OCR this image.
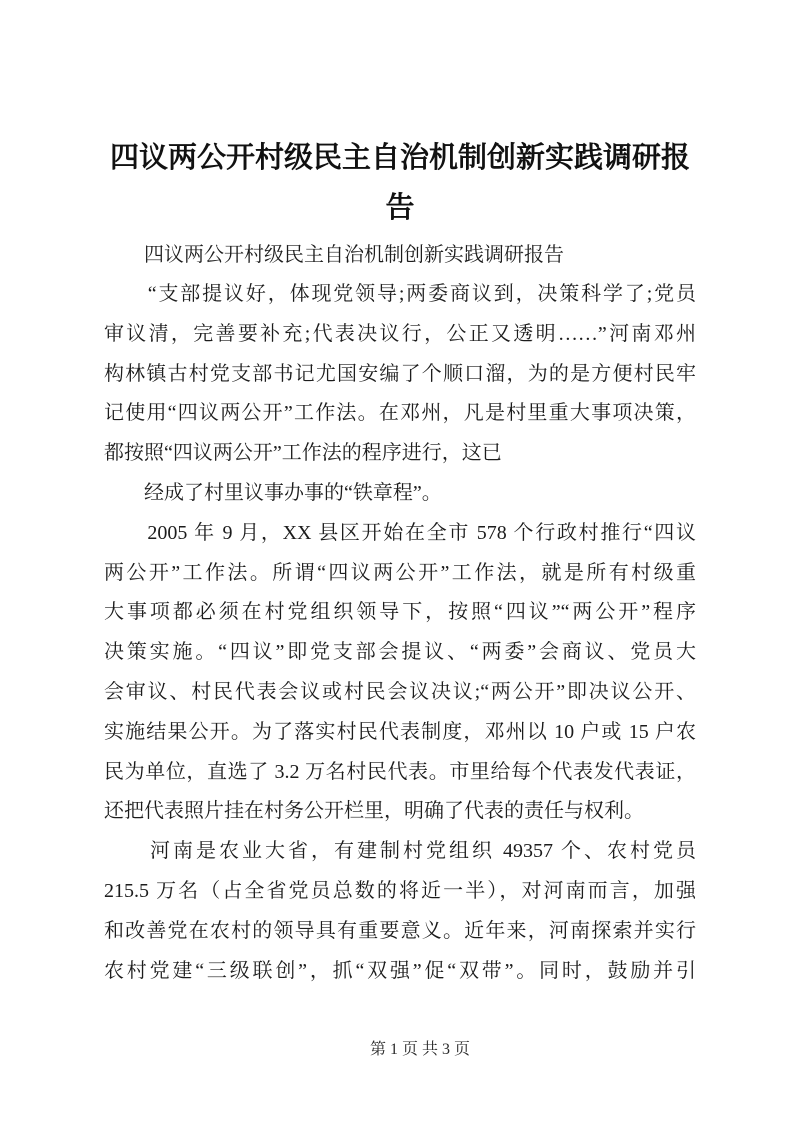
四议两公开村级民主自治机制创新实践调研报告
　　四议两公开村级民主自治机制创新实践调研报告
　　“支部提议好，体现党领导;两委商议到，决策科学了;党员
审议清，完善要补充;代表决议行，公正又透明……”河南邓州
构林镇古村党支部书记尤国安编了个顺口溜，为的是方便村民牢
记使用“四议两公开”工作法。在邓州，凡是村里重大事项决策，
都按照“四议两公开”工作法的程序进行，这已
　　经成了村里议事办事的“铁章程”。
　　2005 年 9 月，XX 县区开始在全市 578 个行政村推行“四议
两公开”工作法。所谓“四议两公开”工作法，就是所有村级重
大事项都必须在村党组织领导下，按照“四议”“两公开”程序
决策实施。“四议”即党支部会提议、“两委”会商议、党员大
会审议、村民代表会议或村民会议决议;“两公开”即决议公开、
实施结果公开。为了落实村民代表制度，邓州以 10 户或 15 户农
民为单位，直选了 3.2 万名村民代表。市里给每个代表发代表证，
还把代表照片挂在村务公开栏里，明确了代表的责任与权利。
　　河南是农业大省，有建制村党组织 49357 个、农村党员
215.5 万名（占全省党员总数的将近一半），对河南而言，加强
和改善党在农村的领导具有重要意义。近年来，河南探索并实行
农村党建“三级联创”，抓“双强”促“双带”。同时，鼓励并引
第 1 页 共 3 页
